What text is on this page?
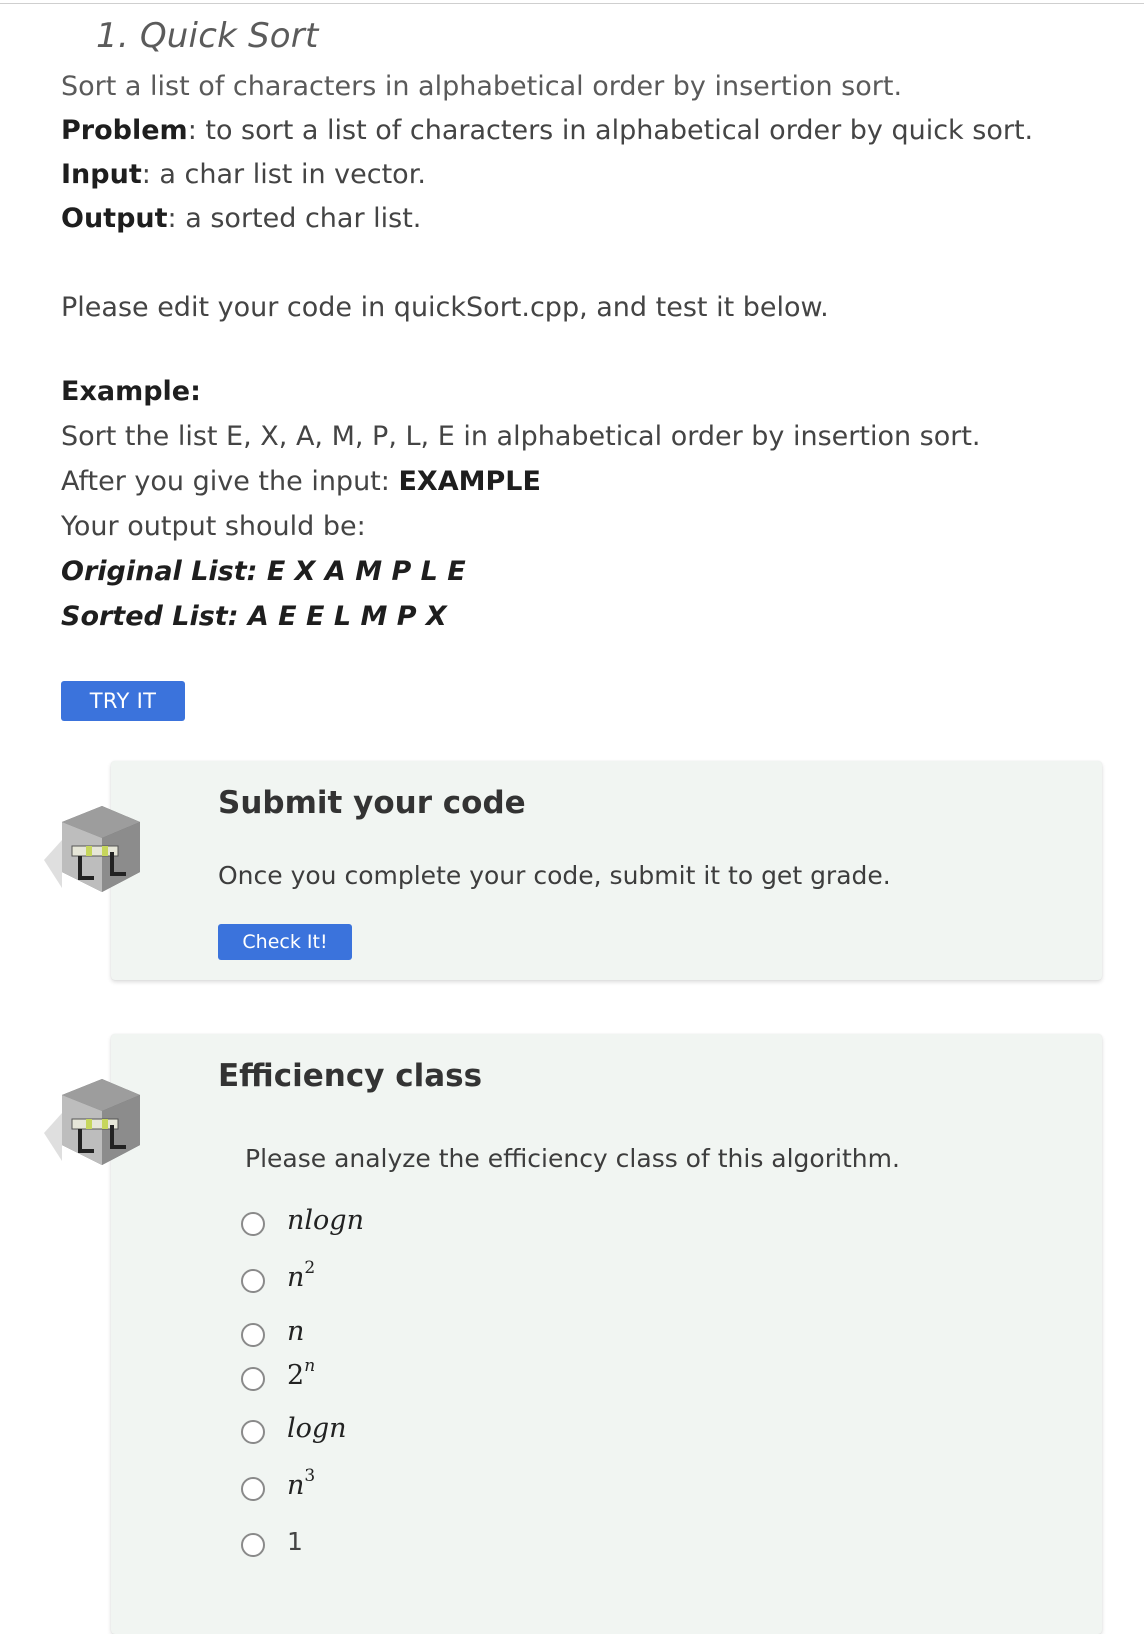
1. Quick Sort
Sort a list of characters in alphabetical order by insertion sort.
Problem: to sort a list of characters in alphabetical order by quick sort.
Input: a char list in vector.
Output: a sorted char list.
Please edit your code in quickSort.cpp, and test it below.
Example:
Sort the list E, X, A, M, P, L, E in alphabetical order by insertion sort.
After you give the input: EXAMPLE
Your output should be:
Original List: E X A M P L E
Sorted List: A E E L M P X
TRY IT
Submit your code
Once you complete your code, submit it to get grade.
Check It!
Efficiency class
Please analyze the efficiency class of this algorithm.
nlogn
$n^2$
n
2$^n$
logn
$n^3$
1
